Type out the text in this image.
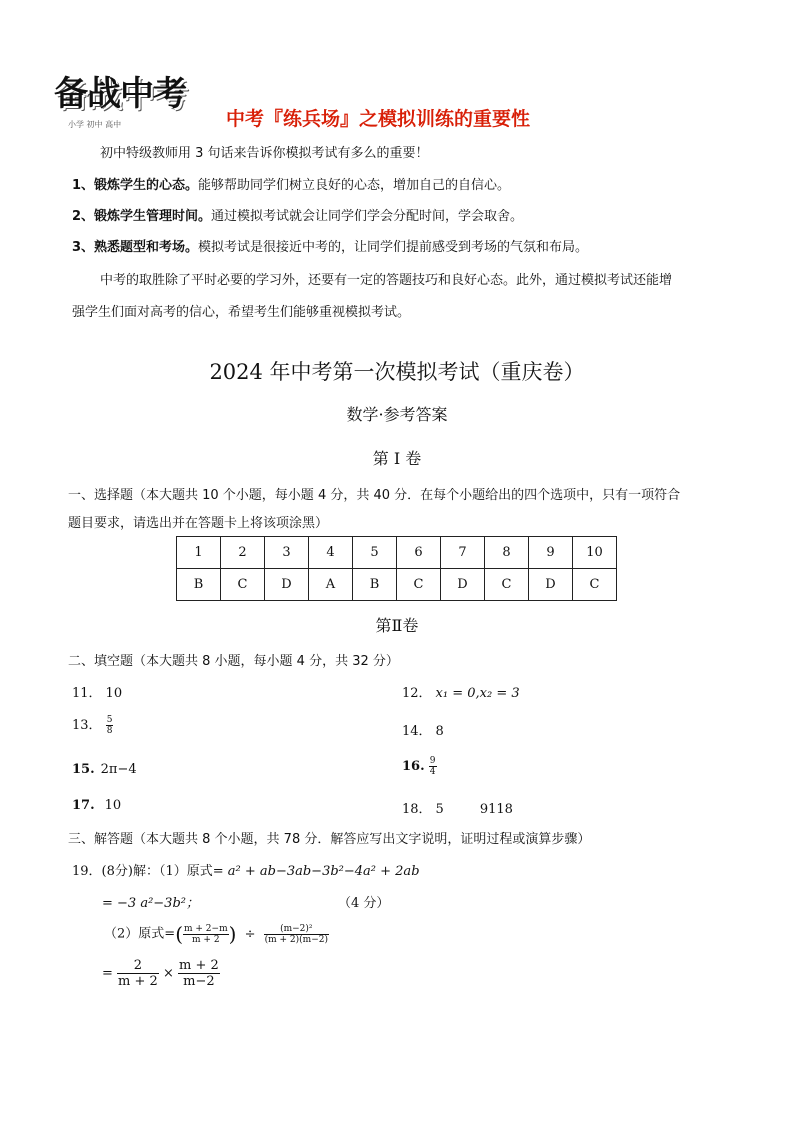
备战中考
小学 初中 高中	中考『练兵场』之模拟训练的重要性
初中特级教师用 3 句话来告诉你模拟考试有多么的重要！
1、锻炼学生的心态。能够帮助同学们树立良好的心态，增加自己的自信心。
2、锻炼学生管理时间。通过模拟考试就会让同学们学会分配时间，学会取舍。
3、熟悉题型和考场。模拟考试是很接近中考的，让同学们提前感受到考场的气氛和布局。
中考的取胜除了平时必要的学习外，还要有一定的答题技巧和良好心态。此外，通过模拟考试还能增
强学生们面对高考的信心，希望考生们能够重视模拟考试。
2024 年中考第一次模拟考试（重庆卷）
数学·参考答案
第 I 卷
一、选择题（本大题共 10 个小题，每小题 4 分，共 40 分．在每个小题给出的四个选项中，只有一项符合
题目要求，请选出并在答题卡上将该项涂黑）
1	2	3	4	5	6	7	8	9	10
B	C	D	A	B	C	D	C	D	C
第Ⅱ卷
二、填空题（本大题共 8 小题，每小题 4 分，共 32 分）
11． 10	12． x₁ = 0,x₂ = 3
13． $\frac{5}{8}$	14． 8
15. 2π−4	16. $\frac{9}{4}$
17. 10	18． 5	9118
三、解答题（本大题共 8 个小题，共 78 分．解答应写出文字说明，证明过程或演算步骤）
19．(8分)解：（1）原式= a² + ab−3ab−3b²−4a² + 2ab
= −3 a²−3b²；	（4 分）
（2）原式=( $\frac{m + 2-m}{m + 2}$ ) ÷ $\frac{\text{(m−2)²}}{(m + 2)(m-2)}$
= $\frac{2}{m + 2} \times \frac{m + 2}{m-2}$
